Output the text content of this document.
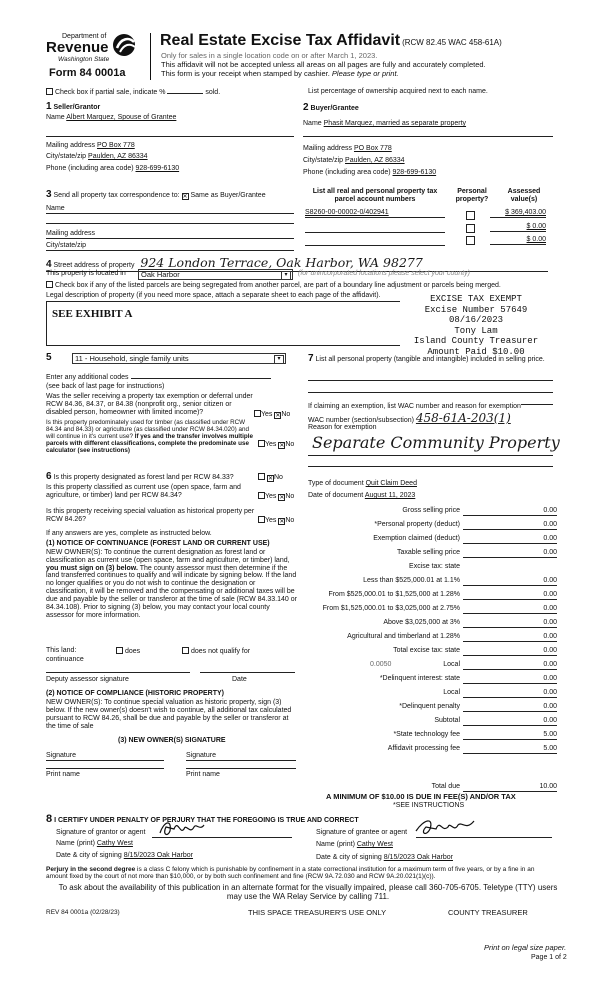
Department of
Revenue
Washington State
Form 84 0001a
Real Estate Excise Tax Affidavit (RCW 82.45 WAC 458-61A)
Only for sales in a single location code on or after March 1, 2023.
This affidavit will not be accepted unless all areas on all pages are fully and accurately completed.
This form is your receipt when stamped by cashier. Please type or print.
Check box if partial sale, indicate %	sold.	List percentage of ownership acquired next to each name.
1 Seller/Grantor
Name Albert Marquez, Spouse of Grantee
Mailing address PO Box 778
City/state/zip Paulden, AZ 86334
Phone (including area code) 928-699-6130
2 Buyer/Grantee
Name Phasit Marquez, married as separate property
Mailing address PO Box 778
City/state/zip Paulden, AZ 86334
Phone (including area code) 928-699-6130
3 Send all property tax correspondence to: ✕ Same as Buyer/Grantee
Name
Mailing address
City/state/zip
List all real and personal property tax parcel account numbers
Personal property?
Assessed value(s)
S8260-00-00002-0/402941	$ 369,403.00
$ 0.00
$ 0.00
4 Street address of property 924 London Terrace, Oak Harbor, WA 98277
This property is located in	Oak Harbor	▾	(for unincorporated locations please select your county)
Check box if any of the listed parcels are being segregated from another parcel, are part of a boundary line adjustment or parcels being merged.
Legal description of property (if you need more space, attach a separate sheet to each page of the affidavit).
SEE EXHIBIT A
EXCISE TAX EXEMPT
Excise Number 57649
08/16/2023
Tony Lam
Island County Treasurer
Amount Paid $10.00
5	11 - Household, single family units	▾
Enter any additional codes
(see back of last page for instructions)
Was the seller receiving a property tax exemption or deferral under RCW 84.36, 84.37, or 84.38 (nonprofit org., senior citizen or disabled person, homeowner with limited income)?	Yes ✕ No
Is this property predominately used for timber (as classified under RCW 84.34 and 84.33) or agriculture (as classified under RCW 84.34.020) and will continue in it's current use? If yes and the transfer involves multiple parcels with different classifications, complete the predominate use calculator (see instructions)
Yes ✕ No
6 Is this property designated as forest land per RCW 84.33? ✕	No
Is this property classified as current use (open space, farm and agriculture, or timber) land per RCW 84.34?	Yes ✕ No
Is this property receiving special valuation as historical property per RCW 84.26?	Yes ✕ No
If any answers are yes, complete as instructed below.
(1) NOTICE OF CONTINUANCE (FOREST LAND OR CURRENT USE)
NEW OWNER(S): To continue the current designation as forest land or classification as current use (open space, farm and agriculture, or timber) land, you must sign on (3) below. The county assessor must then determine if the land transferred continues to qualify and will indicate by signing below. If the land no longer qualifies or you do not wish to continue the designation or classification, it will be removed and the compensating or additional taxes will be due and payable by the seller or transferor at the time of sale (RCW 84.33.140 or 84.34.108). Prior to signing (3) below, you may contact your local county assessor for more information.
This land:	does	does not qualify for
continuance
Deputy assessor signature	Date
(2) NOTICE OF COMPLIANCE (HISTORIC PROPERTY)
NEW OWNER(S): To continue special valuation as historic property, sign (3) below. If the new owner(s) doesn't wish to continue, all additional tax calculated pursuant to RCW 84.26, shall be due and payable by the seller or transferor at the time of sale
(3) NEW OWNER(S) SIGNATURE
Signature	Signature
Print name	Print name
7 List all personal property (tangible and intangible) included in selling price.
If claiming an exemption, list WAC number and reason for exemption
WAC number (section/subsection) 458-61A-203(1)
Reason for exemption
Separate Community Property
Type of document Quit Claim Deed
Date of document August 11, 2023
Gross selling price	0.00
*Personal property (deduct)	0.00
Exemption claimed (deduct)	0.00
Taxable selling price	0.00
Excise tax: state
Less than $525,000.01 at 1.1%	0.00
From $525,000.01 to $1,525,000 at 1.28%	0.00
From $1,525,000.01 to $3,025,000 at 2.75%	0.00
Above $3,025,000 at 3%	0.00
Agricultural and timberland at 1.28%	0.00
Total excise tax: state	0.00
0.0050	Local	0.00
*Delinquent interest: state	0.00
Local	0.00
*Delinquent penalty	0.00
Subtotal	0.00
*State technology fee	5.00
Affidavit processing fee	5.00
Total due	10.00
A MINIMUM OF $10.00 IS DUE IN FEE(S) AND/OR TAX
*SEE INSTRUCTIONS
8 I CERTIFY UNDER PENALTY OF PERJURY THAT THE FOREGOING IS TRUE AND CORRECT
Signature of grantor or agent
Name (print) Cathy West
Date & city of signing 8/15/2023 Oak Harbor
Signature of grantee or agent
Name (print) Cathy West
Date & city of signing 8/15/2023 Oak Harbor
Perjury in the second degree is a class C felony which is punishable by confinement in a state correctional institution for a maximum term of five years, or by a fine in an amount fixed by the court of not more than $10,000, or by both such confinement and fine (RCW 9A.72.030 and RCW 9A.20.021(1)(c)).
To ask about the availability of this publication in an alternate format for the visually impaired, please call 360-705-6705. Teletype (TTY) users may use the WA Relay Service by calling 711.
REV 84 0001a (02/28/23)	THIS SPACE TREASURER'S USE ONLY	COUNTY TREASURER
Print on legal size paper.
Page 1 of 2
